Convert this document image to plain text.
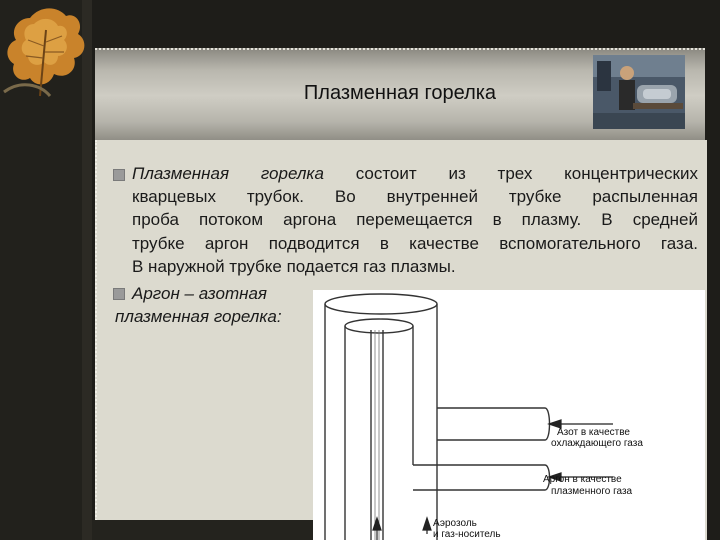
Плазменная горелка
Плазменная горелка состоит из трех концентрических
кварцевых трубок. Во внутренней трубке распыленная
проба потоком аргона перемещается в плазму. В средней
трубке аргон подводится в качестве вспомогательного газа.
В наружной трубке подается газ плазмы.
Аргон – азотная
плазменная горелка:
Азот в качестве
охлаждающего газа
Аргон в качестве
плазменного газа
Аэрозоль
и газ-носитель
